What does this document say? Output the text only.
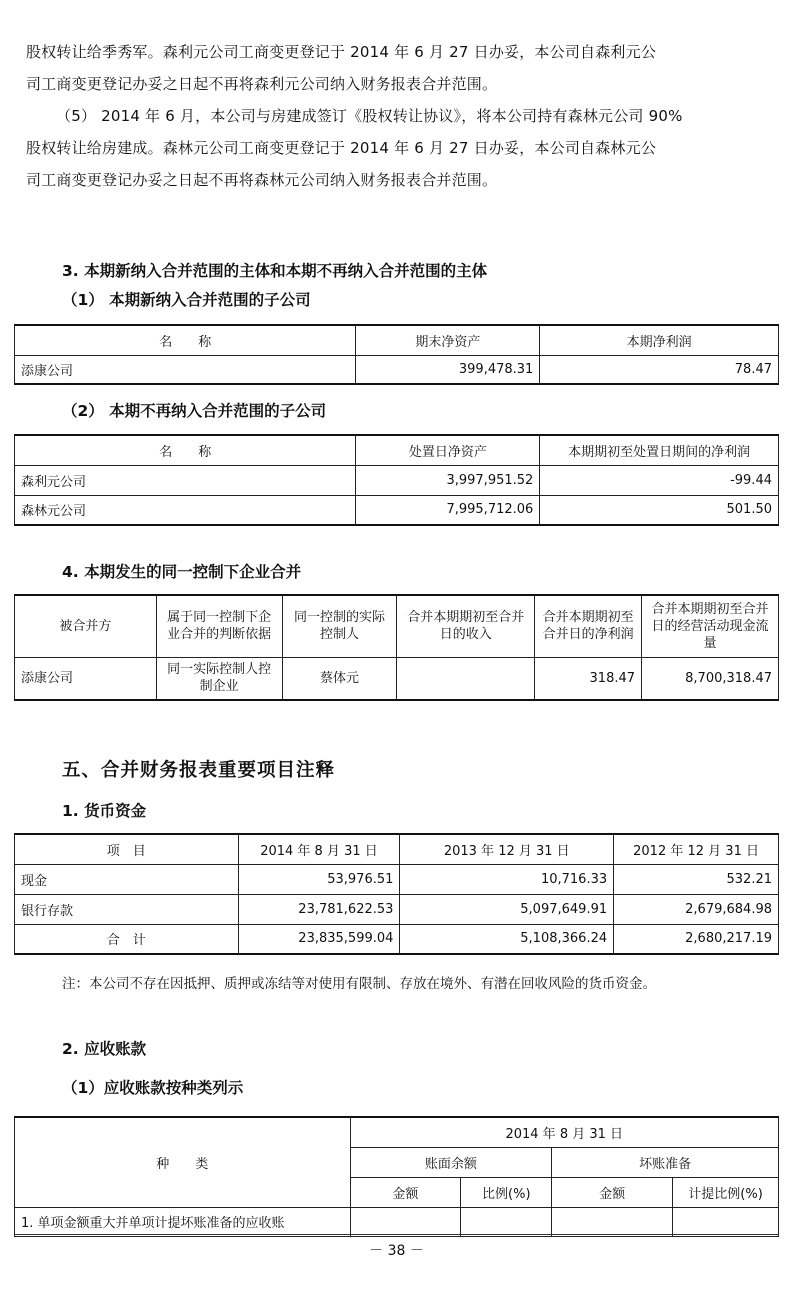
股权转让给季秀军。森利元公司工商变更登记于 2014 年 6 月 27 日办妥，本公司自森利元公

司工商变更登记办妥之日起不再将森利元公司纳入财务报表合并范围。

（5） 2014 年 6 月，本公司与房建成签订《股权转让协议》，将本公司持有森林元公司 90%

股权转让给房建成。森林元公司工商变更登记于 2014 年 6 月 27 日办妥，本公司自森林元公

司工商变更登记办妥之日起不再将森林元公司纳入财务报表合并范围。

3. 本期新纳入合并范围的主体和本期不再纳入合并范围的主体
（1） 本期新纳入合并范围的子公司
名　　称	期末净资产	本期净利润
添康公司	399,478.31	78.47
（2） 本期不再纳入合并范围的子公司
名　　称	处置日净资产	本期期初至处置日期间的净利润
森利元公司	3,997,951.52	-99.44
森林元公司	7,995,712.06	501.50
4. 本期发生的同一控制下企业合并
被合并方	属于同一控制下企业合并的判断依据	同一控制的实际控制人	合并本期期初至合并日的收入	合并本期期初至合并日的净利润	合并本期期初至合并日的经营活动现金流量
添康公司	同一实际控制人控制企业	蔡体元		318.47	8,700,318.47
五、合并财务报表重要项目注释
1. 货币资金
项　目	2014 年 8 月 31 日	2013 年 12 月 31 日	2012 年 12 月 31 日
现金	53,976.51	10,716.33	532.21
银行存款	23,781,622.53	5,097,649.91	2,679,684.98
合　计	23,835,599.04	5,108,366.24	2,680,217.19
注：本公司不存在因抵押、质押或冻结等对使用有限制、存放在境外、有潜在回收风险的货币资金。
2. 应收账款
（1）应收账款按种类列示
种　　类	2014 年 8 月 31 日			
	账面余额		坏账准备	
	金额	比例(%)	金额	计提比例(%)
1. 单项金额重大并单项计提坏账准备的应收账				
－ 38 －
